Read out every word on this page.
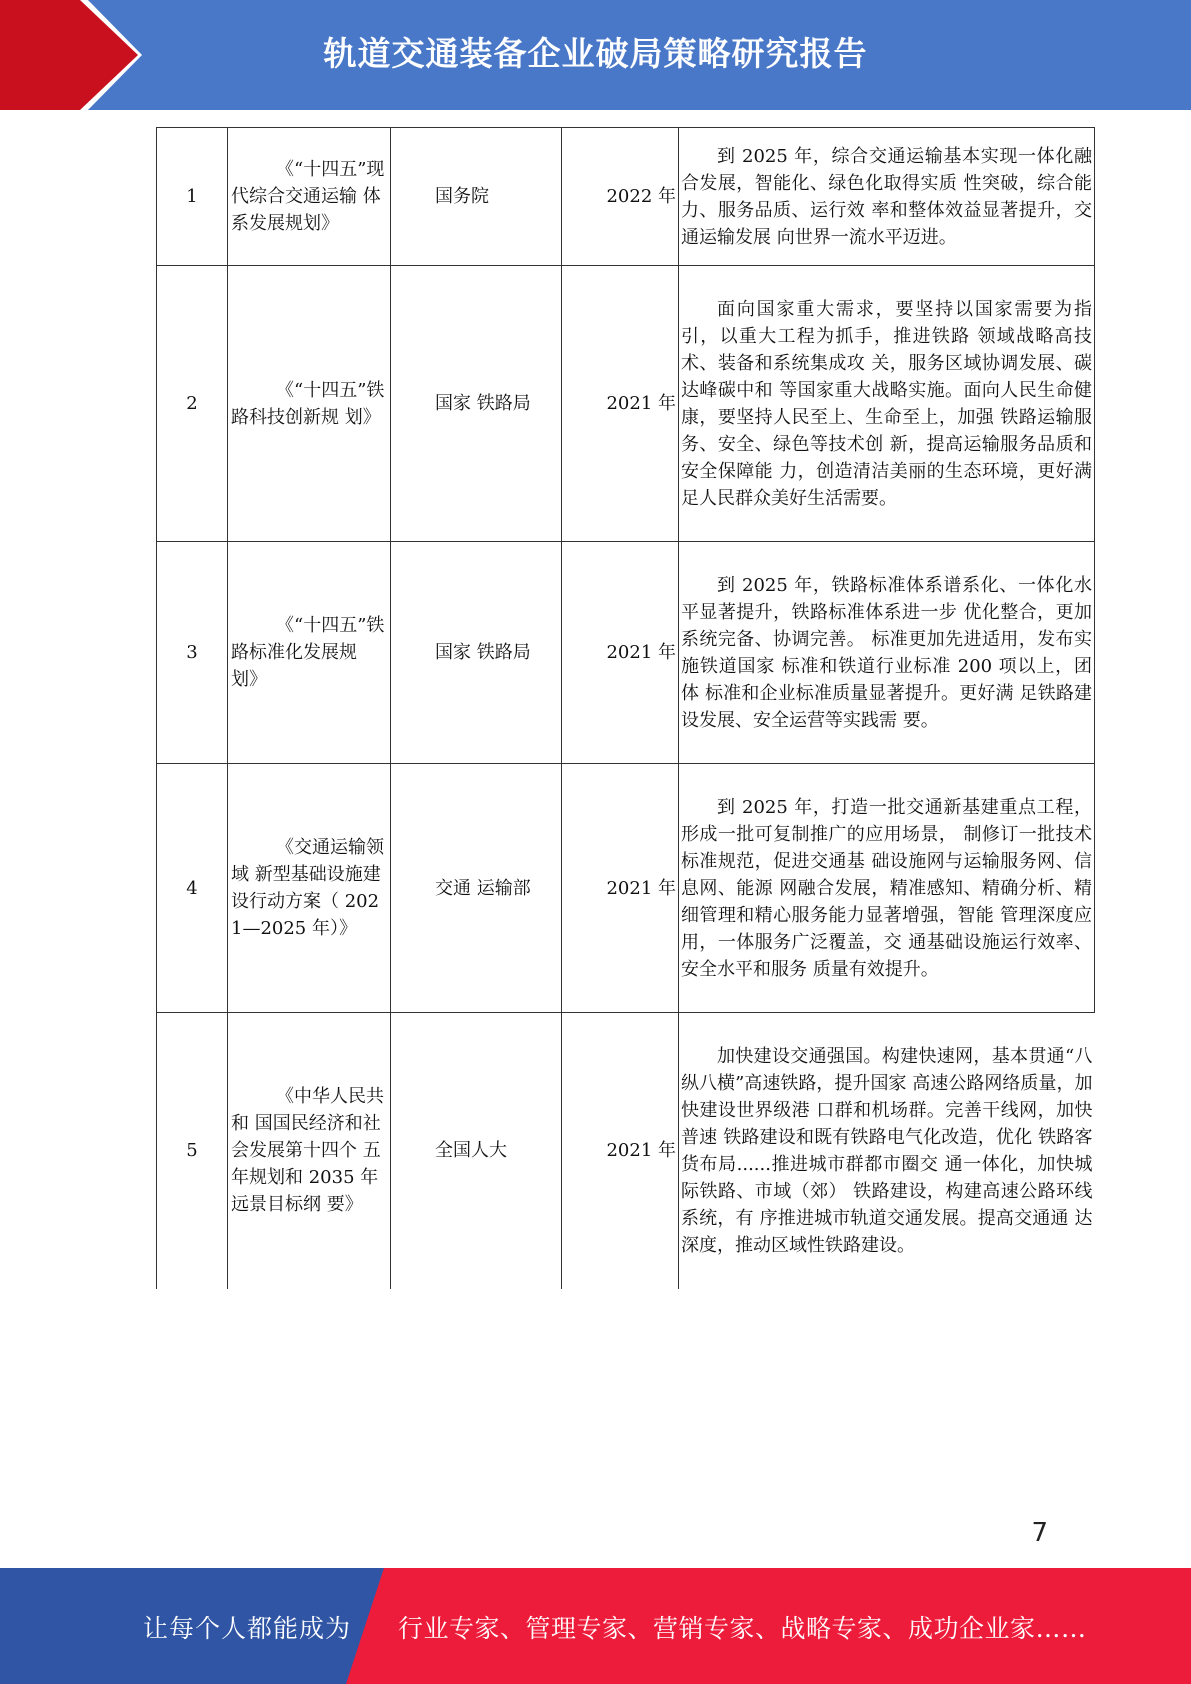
轨道交通装备企业破局策略研究报告
1	《“十四五”现 代综合交通运输 体系发展规划》	国务院	2022 年	到 2025 年，综合交通运输基本实现一体化融合发展，智能化、绿色化取得实质 性突破，综合能力、服务品质、运行效 率和整体效益显著提升，交通运输发展 向世界一流水平迈进。

2	《“十四五”铁 路科技创新规 划》	国家 铁路局	2021 年	面向国家重大需求，要坚持以国家需要为指引，以重大工程为抓手，推进铁路 领域战略高技术、装备和系统集成攻 关，服务区域协调发展、碳达峰碳中和 等国家重大战略实施。面向人民生命健 康，要坚持人民至上、生命至上，加强 铁路运输服务、安全、绿色等技术创 新，提高运输服务品质和安全保障能 力，创造清洁美丽的生态环境，更好满 足人民群众美好生活需要。

3	《“十四五”铁 路标准化发展规 划》	国家 铁路局	2021 年	到 2025 年，铁路标准体系谱系化、一体化水平显著提升，铁路标准体系进一步 优化整合，更加系统完备、协调完善。 标准更加先进适用，发布实施铁道国家 标准和铁道行业标准 200 项以上，团体 标准和企业标准质量显著提升。更好满 足铁路建设发展、安全运营等实践需 要。

4	《交通运输领域 新型基础设施建 设行动方案（ 2021—2025 年）》	交通 运输部	2021 年	到 2025 年，打造一批交通新基建重点工程，形成一批可复制推广的应用场景， 制修订一批技术标准规范，促进交通基 础设施网与运输服务网、信息网、能源 网融合发展，精准感知、精确分析、精 细管理和精心服务能力显著增强，智能 管理深度应用，一体服务广泛覆盖，交 通基础设施运行效率、安全水平和服务 质量有效提升。

5	《中华人民共和 国国民经济和社 会发展第十四个 五年规划和 2035 年远景目标纲 要》	全国人大	2021 年	加快建设交通强国。构建快速网，基本贯通“八纵八横”高速铁路，提升国家 高速公路网络质量，加快建设世界级港 口群和机场群。完善干线网，加快普速 铁路建设和既有铁路电气化改造，优化 铁路客货布局......推进城市群都市圈交 通一体化，加快城际铁路、市域（郊） 铁路建设，构建高速公路环线系统，有 序推进城市轨道交通发展。提高交通通 达深度，推动区域性铁路建设。
7
让每个人都能成为 行业专家、管理专家、营销专家、战略专家、成功企业家……
